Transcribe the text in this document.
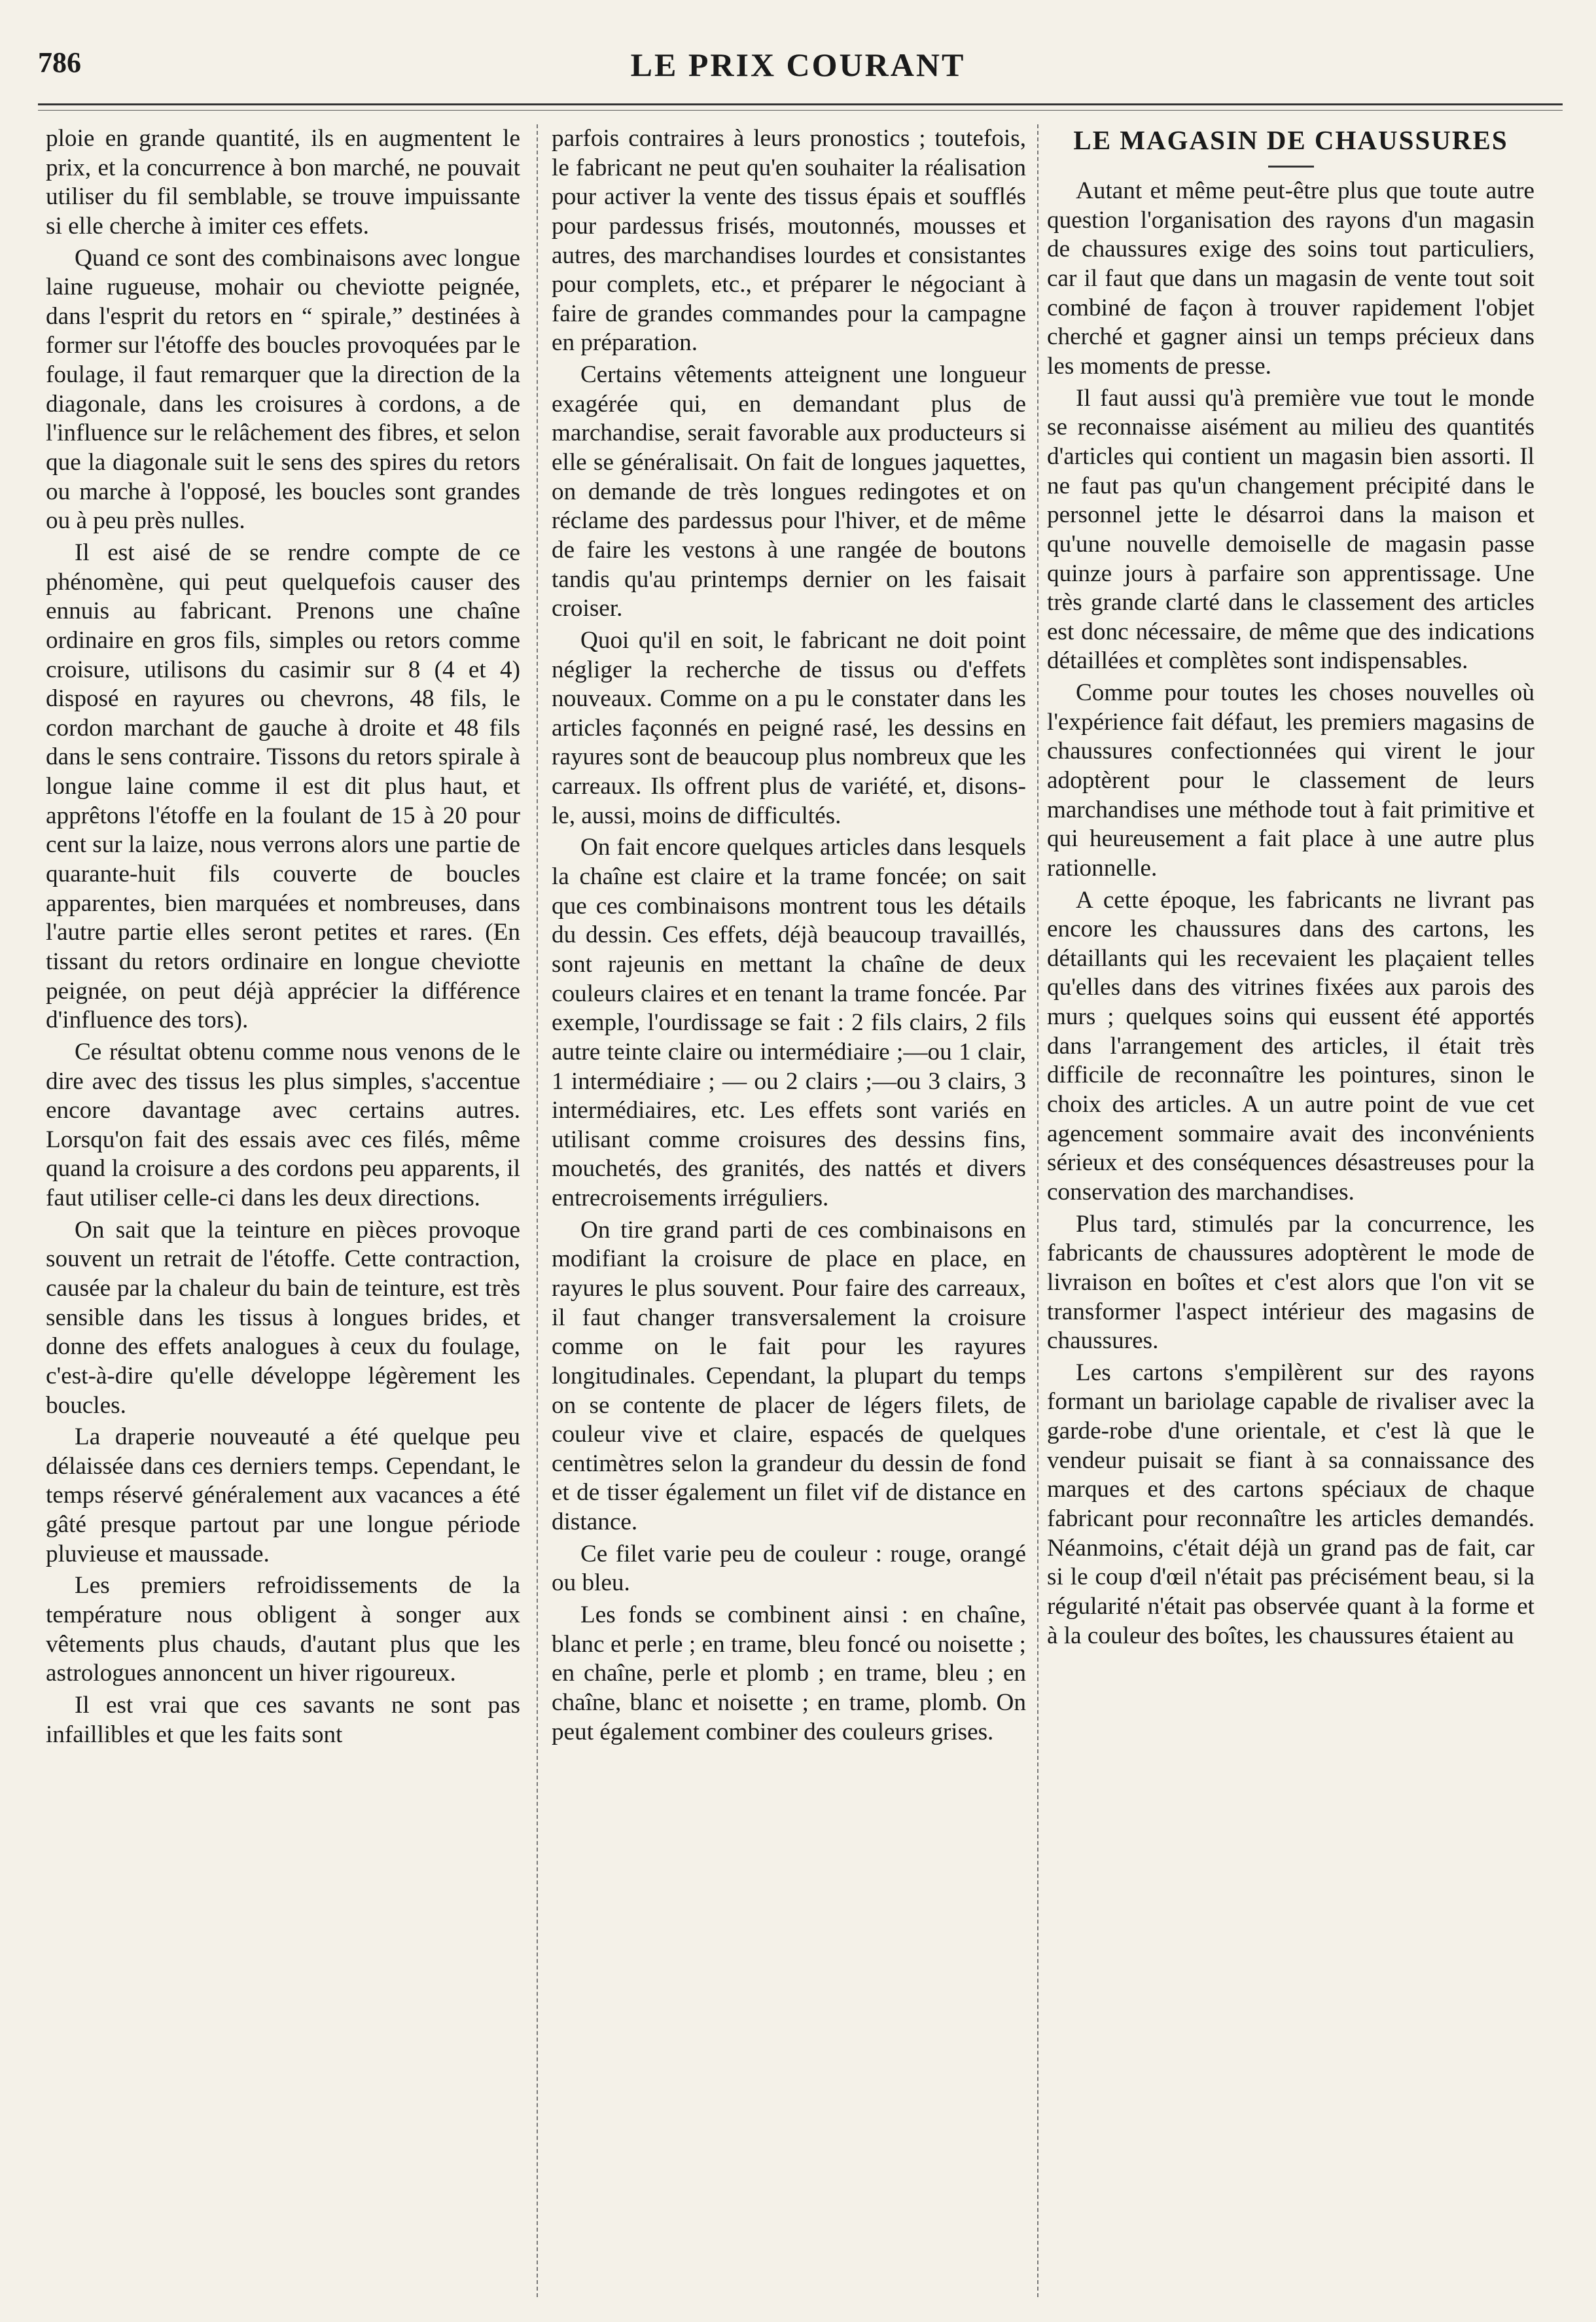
786	LE PRIX COURANT

ploie en grande quantité, ils en augmentent le prix, et la concurrence à bon marché, ne pouvait utiliser du fil semblable, se trouve impuissante si elle cherche à imiter ces effets.

Quand ce sont des combinaisons avec longue laine rugueuse, mohair ou cheviotte peignée, dans l'esprit du retors en “ spirale,” destinées à former sur l'étoffe des boucles provoquées par le foulage, il faut remarquer que la direction de la diagonale, dans les croisures à cordons, a de l'influence sur le relâchement des fibres, et selon que la diagonale suit le sens des spires du retors ou marche à l'opposé, les boucles sont grandes ou à peu près nulles.

Il est aisé de se rendre compte de ce phénomène, qui peut quelquefois causer des ennuis au fabricant. Prenons une chaîne ordinaire en gros fils, simples ou retors comme croisure, utilisons du casimir sur 8 (4 et 4) disposé en rayures ou chevrons, 48 fils, le cordon marchant de gauche à droite et 48 fils dans le sens contraire. Tissons du retors spirale à longue laine comme il est dit plus haut, et apprêtons l'étoffe en la foulant de 15 à 20 pour cent sur la laize, nous verrons alors une partie de quarante-huit fils couverte de boucles apparentes, bien marquées et nombreuses, dans l'autre partie elles seront petites et rares. (En tissant du retors ordinaire en longue cheviotte peignée, on peut déjà apprécier la différence d'influence des tors).

Ce résultat obtenu comme nous venons de le dire avec des tissus les plus simples, s'accentue encore davantage avec certains autres. Lorsqu'on fait des essais avec ces filés, même quand la croisure a des cordons peu apparents, il faut utiliser celle-ci dans les deux directions.

On sait que la teinture en pièces provoque souvent un retrait de l'étoffe. Cette contraction, causée par la chaleur du bain de teinture, est très sensible dans les tissus à longues brides, et donne des effets analogues à ceux du foulage, c'est-à-dire qu'elle développe légèrement les boucles.

La draperie nouveauté a été quelque peu délaissée dans ces derniers temps. Cependant, le temps réservé généralement aux vacances a été gâté presque partout par une longue période pluvieuse et maussade.

Les premiers refroidissements de la température nous obligent à songer aux vêtements plus chauds, d'autant plus que les astrologues annoncent un hiver rigoureux.

Il est vrai que ces savants ne sont pas infaillibles et que les faits sont

parfois contraires à leurs pronostics ; toutefois, le fabricant ne peut qu'en souhaiter la réalisation pour activer la vente des tissus épais et soufflés pour pardessus frisés, moutonnés, mousses et autres, des marchandises lourdes et consistantes pour complets, etc., et préparer le négociant à faire de grandes commandes pour la campagne en préparation.

Certains vêtements atteignent une longueur exagérée qui, en demandant plus de marchandise, serait favorable aux producteurs si elle se généralisait. On fait de longues jaquettes, on demande de très longues redingotes et on réclame des pardessus pour l'hiver, et de même de faire les vestons à une rangée de boutons tandis qu'au printemps dernier on les faisait croiser.

Quoi qu'il en soit, le fabricant ne doit point négliger la recherche de tissus ou d'effets nouveaux. Comme on a pu le constater dans les articles façonnés en peigné rasé, les dessins en rayures sont de beaucoup plus nombreux que les carreaux. Ils offrent plus de variété, et, disons-le, aussi, moins de difficultés.

On fait encore quelques articles dans lesquels la chaîne est claire et la trame foncée; on sait que ces combinaisons montrent tous les détails du dessin. Ces effets, déjà beaucoup travaillés, sont rajeunis en mettant la chaîne de deux couleurs claires et en tenant la trame foncée. Par exemple, l'ourdissage se fait : 2 fils clairs, 2 fils autre teinte claire ou intermédiaire ;—ou 1 clair, 1 intermédiaire ; — ou 2 clairs ;—ou 3 clairs, 3 intermédiaires, etc. Les effets sont variés en utilisant comme croisures des dessins fins, mouchetés, des granités, des nattés et divers entrecroisements irréguliers.

On tire grand parti de ces combinaisons en modifiant la croisure de place en place, en rayures le plus souvent. Pour faire des carreaux, il faut changer transversalement la croisure comme on le fait pour les rayures longitudinales. Cependant, la plupart du temps on se contente de placer de légers filets, de couleur vive et claire, espacés de quelques centimètres selon la grandeur du dessin de fond et de tisser également un filet vif de distance en distance.

Ce filet varie peu de couleur : rouge, orangé ou bleu.

Les fonds se combinent ainsi : en chaîne, blanc et perle ; en trame, bleu foncé ou noisette ; en chaîne, perle et plomb ; en trame, bleu ; en chaîne, blanc et noisette ; en trame, plomb. On peut également combiner des couleurs grises.

LE MAGASIN DE CHAUSSURES

Autant et même peut-être plus que toute autre question l'organisation des rayons d'un magasin de chaussures exige des soins tout particuliers, car il faut que dans un magasin de vente tout soit combiné de façon à trouver rapidement l'objet cherché et gagner ainsi un temps précieux dans les moments de presse.

Il faut aussi qu'à première vue tout le monde se reconnaisse aisément au milieu des quantités d'articles qui contient un magasin bien assorti. Il ne faut pas qu'un changement précipité dans le personnel jette le désarroi dans la maison et qu'une nouvelle demoiselle de magasin passe quinze jours à parfaire son apprentissage. Une très grande clarté dans le classement des articles est donc nécessaire, de même que des indications détaillées et complètes sont indispensables.

Comme pour toutes les choses nouvelles où l'expérience fait défaut, les premiers magasins de chaussures confectionnées qui virent le jour adoptèrent pour le classement de leurs marchandises une méthode tout à fait primitive et qui heureusement a fait place à une autre plus rationnelle.

A cette époque, les fabricants ne livrant pas encore les chaussures dans des cartons, les détaillants qui les recevaient les plaçaient telles qu'elles dans des vitrines fixées aux parois des murs ; quelques soins qui eussent été apportés dans l'arrangement des articles, il était très difficile de reconnaître les pointures, sinon le choix des articles. A un autre point de vue cet agencement sommaire avait des inconvénients sérieux et des conséquences désastreuses pour la conservation des marchandises.

Plus tard, stimulés par la concurrence, les fabricants de chaussures adoptèrent le mode de livraison en boîtes et c'est alors que l'on vit se transformer l'aspect intérieur des magasins de chaussures.

Les cartons s'empilèrent sur des rayons formant un bariolage capable de rivaliser avec la garde-robe d'une orientale, et c'est là que le vendeur puisait se fiant à sa connaissance des marques et des cartons spéciaux de chaque fabricant pour reconnaître les articles demandés. Néanmoins, c'était déjà un grand pas de fait, car si le coup d'œil n'était pas précisément beau, si la régularité n'était pas observée quant à la forme et à la couleur des boîtes, les chaussures étaient au
